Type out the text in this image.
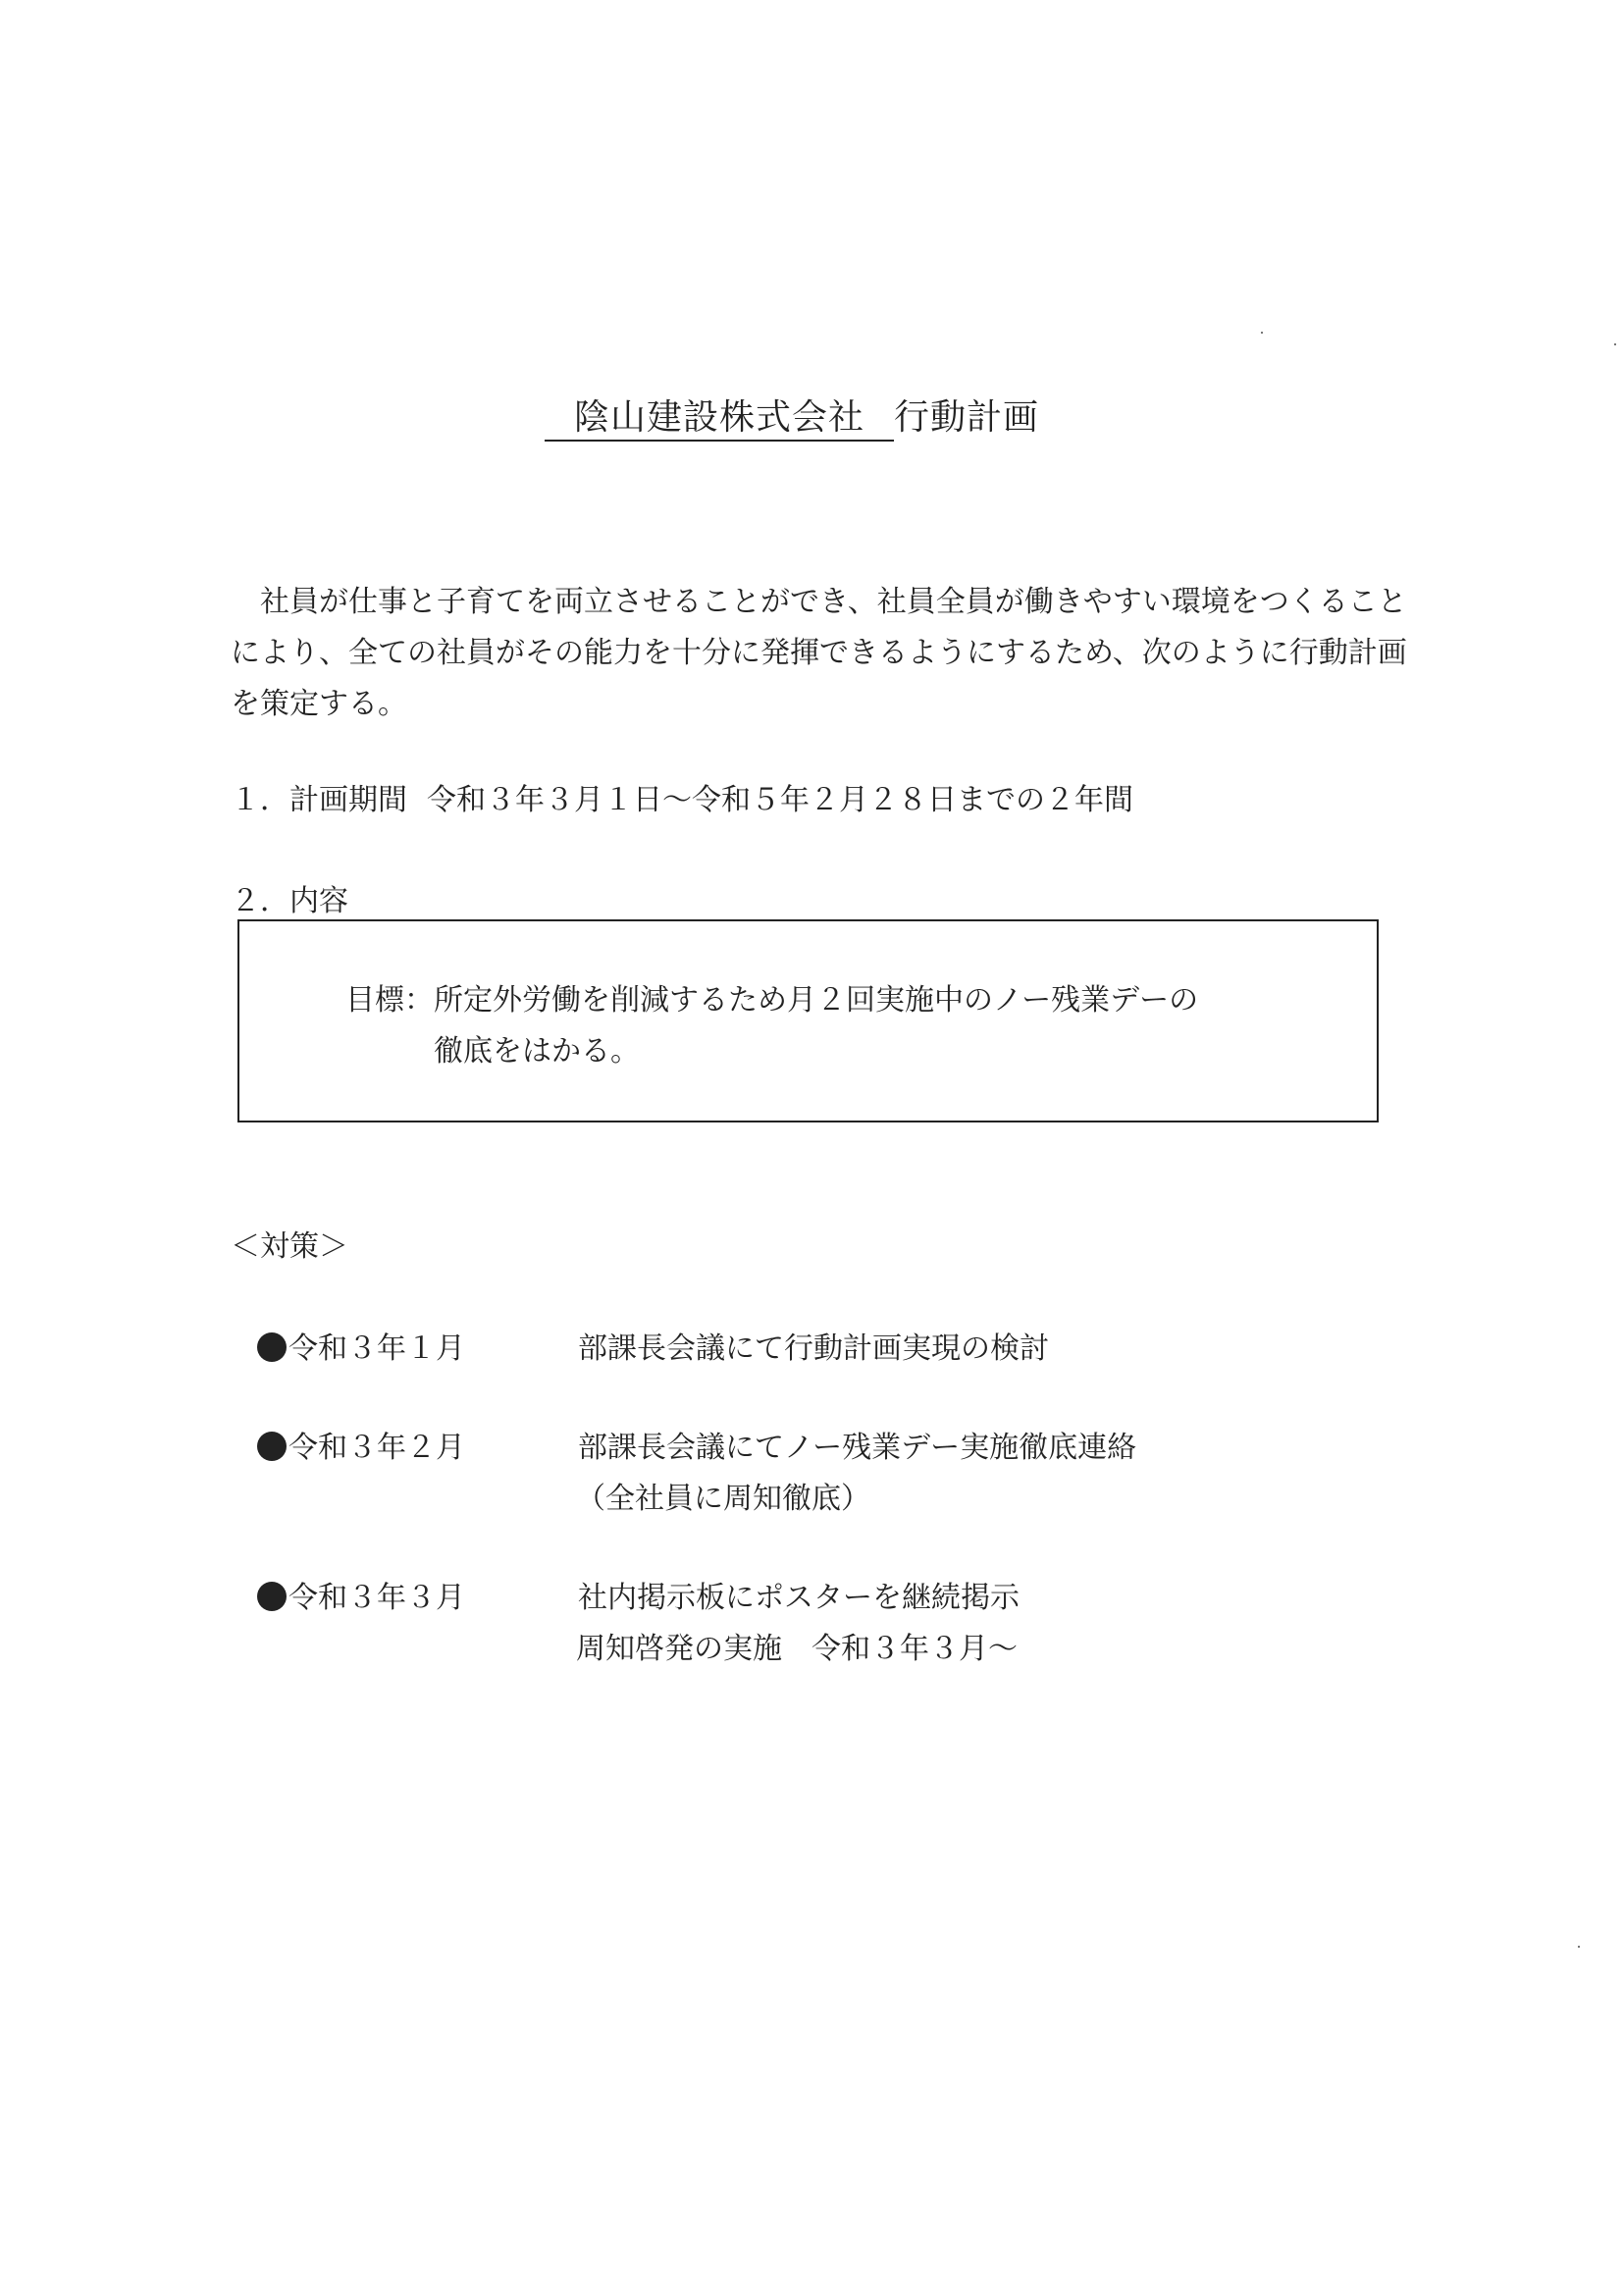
陰山建設株式会社 行動計画
社員が仕事と子育てを両立させることができ、社員全員が働きやすい環境をつくることにより、全ての社員がその能力を十分に発揮できるようにするため、次のように行動計画を策定する。
１．計画期間 令和３年３月１日〜令和５年２月２８日までの２年間
２．内容
目標：所定外労働を削減するため月２回実施中のノー残業デーの
徹底をはかる。
＜対策＞
令和３年１月	部課長会議にて行動計画実現の検討
令和３年２月	部課長会議にてノー残業デー実施徹底連絡
（全社員に周知徹底）
令和３年３月	社内掲示板にポスターを継続掲示
周知啓発の実施　令和３年３月〜
